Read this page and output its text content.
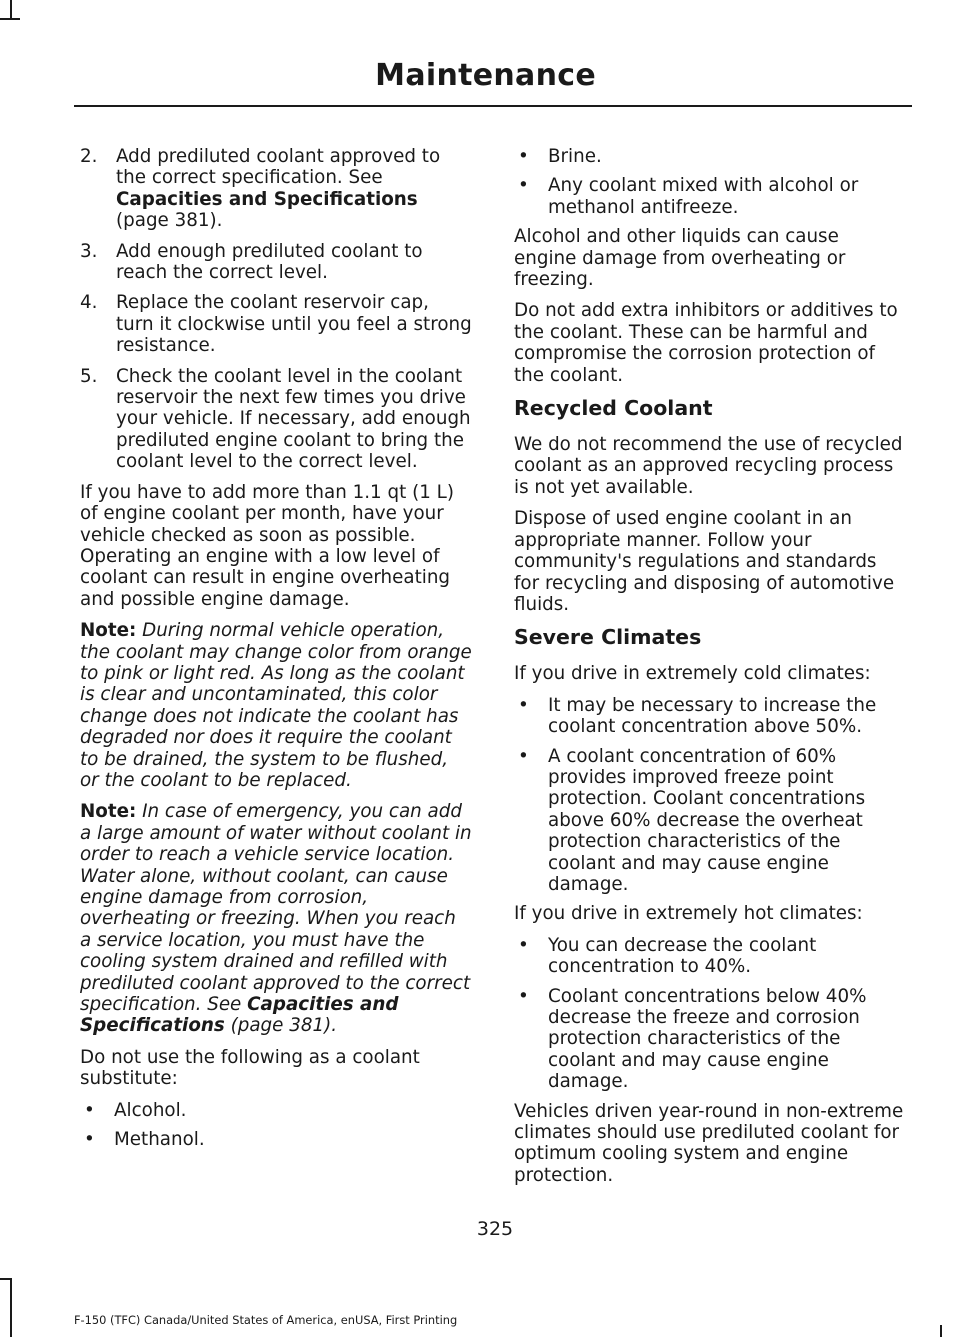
Maintenance
2. Add prediluted coolant approved to the correct specification. See Capacities and Specifications (page 381).
3. Add enough prediluted coolant to reach the correct level.
4. Replace the coolant reservoir cap, turn it clockwise until you feel a strong resistance.
5. Check the coolant level in the coolant reservoir the next few times you drive your vehicle. If necessary, add enough prediluted engine coolant to bring the coolant level to the correct level.

If you have to add more than 1.1 qt (1 L) of engine coolant per month, have your vehicle checked as soon as possible. Operating an engine with a low level of coolant can result in engine overheating and possible engine damage.

Note: During normal vehicle operation, the coolant may change color from orange to pink or light red. As long as the coolant is clear and uncontaminated, this color change does not indicate the coolant has degraded nor does it require the coolant to be drained, the system to be flushed, or the coolant to be replaced.

Note: In case of emergency, you can add a large amount of water without coolant in order to reach a vehicle service location. Water alone, without coolant, can cause engine damage from corrosion, overheating or freezing. When you reach a service location, you must have the cooling system drained and refilled with prediluted coolant approved to the correct specification. See Capacities and Specifications (page 381).

Do not use the following as a coolant substitute:

• Alcohol.
• Methanol.
• Brine.
• Any coolant mixed with alcohol or methanol antifreeze.

Alcohol and other liquids can cause engine damage from overheating or freezing.

Do not add extra inhibitors or additives to the coolant. These can be harmful and compromise the corrosion protection of the coolant.

Recycled Coolant

We do not recommend the use of recycled coolant as an approved recycling process is not yet available.

Dispose of used engine coolant in an appropriate manner. Follow your community's regulations and standards for recycling and disposing of automotive fluids.

Severe Climates

If you drive in extremely cold climates:

• It may be necessary to increase the coolant concentration above 50%.
• A coolant concentration of 60% provides improved freeze point protection. Coolant concentrations above 60% decrease the overheat protection characteristics of the coolant and may cause engine damage.

If you drive in extremely hot climates:

• You can decrease the coolant concentration to 40%.
• Coolant concentrations below 40% decrease the freeze and corrosion protection characteristics of the coolant and may cause engine damage.

Vehicles driven year-round in non-extreme climates should use prediluted coolant for optimum cooling system and engine protection.

325
F-150 (TFC) Canada/United States of America, enUSA, First Printing
